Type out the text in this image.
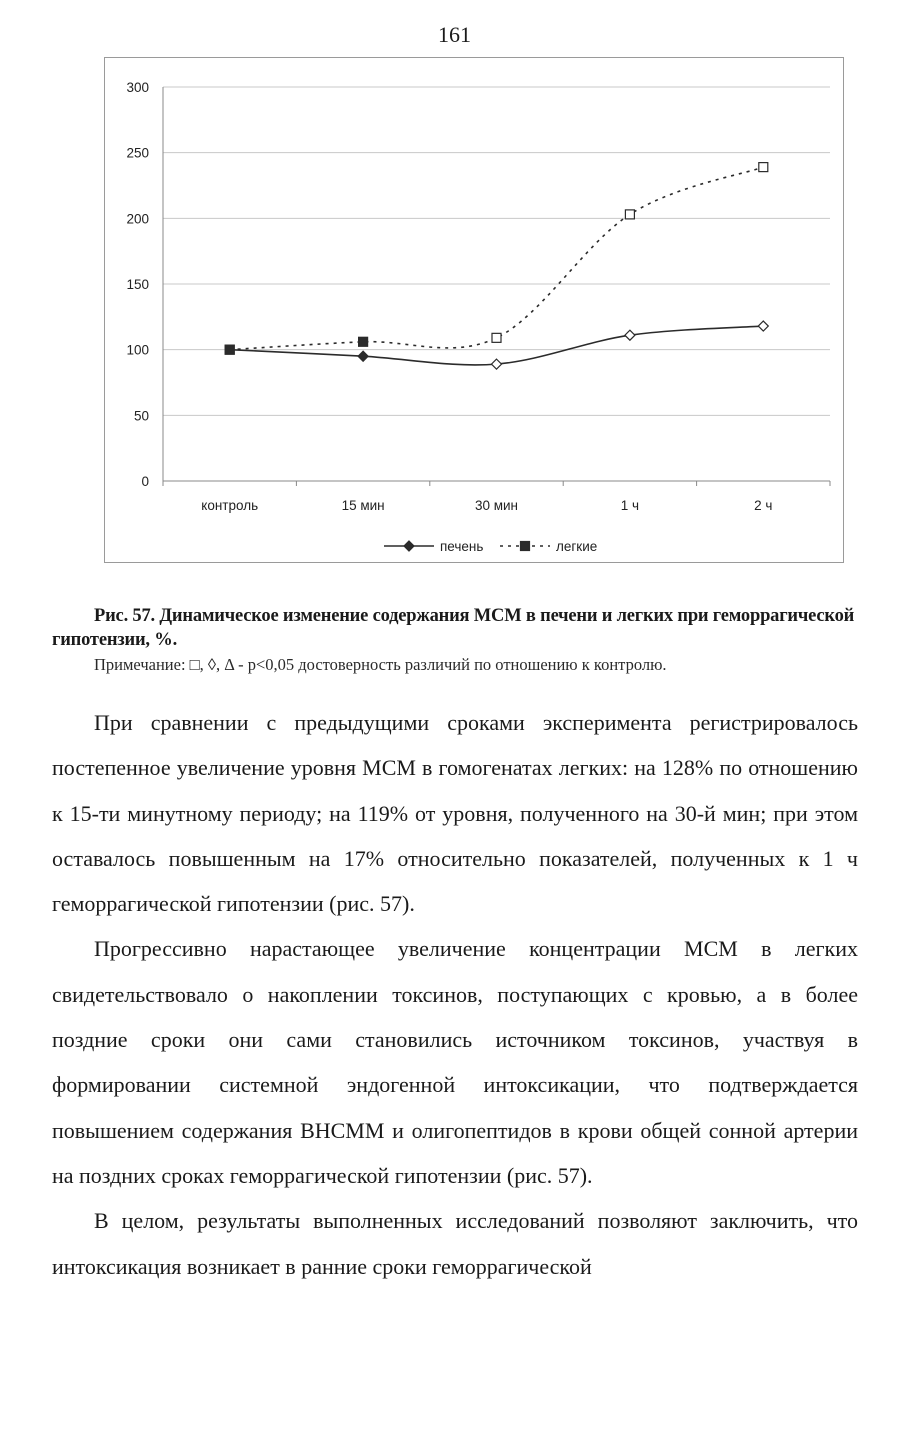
161
0
50
100
150
200
250
300
контроль	15 мин	30 мин	1 ч	2 ч
печень	легкие
Рис. 57. Динамическое изменение содержания МСМ в печени и легких при геморрагической гипотензии, %.
Примечание: □, ◊, Δ - p<0,05 достоверность различий по отношению к контролю.

При сравнении с предыдущими сроками эксперимента регистрировалось постепенное увеличение уровня МСМ в гомогенатах легких: на 128% по отношению к 15-ти минутному периоду; на 119% от уровня, полученного на 30-й мин; при этом оставалось повышенным на 17% относительно показателей, полученных к 1 ч геморрагической гипотензии (рис. 57).

Прогрессивно нарастающее увеличение концентрации МСМ в легких свидетельствовало о накоплении токсинов, поступающих с кровью, а в более поздние сроки они сами становились источником токсинов, участвуя в формировании системной эндогенной интоксикации, что подтверждается повышением содержания ВНСММ и олигопептидов в крови общей сонной артерии на поздних сроках геморрагической гипотензии (рис. 57).

В целом, результаты выполненных исследований позволяют заключить, что интоксикация возникает в ранние сроки геморрагической
